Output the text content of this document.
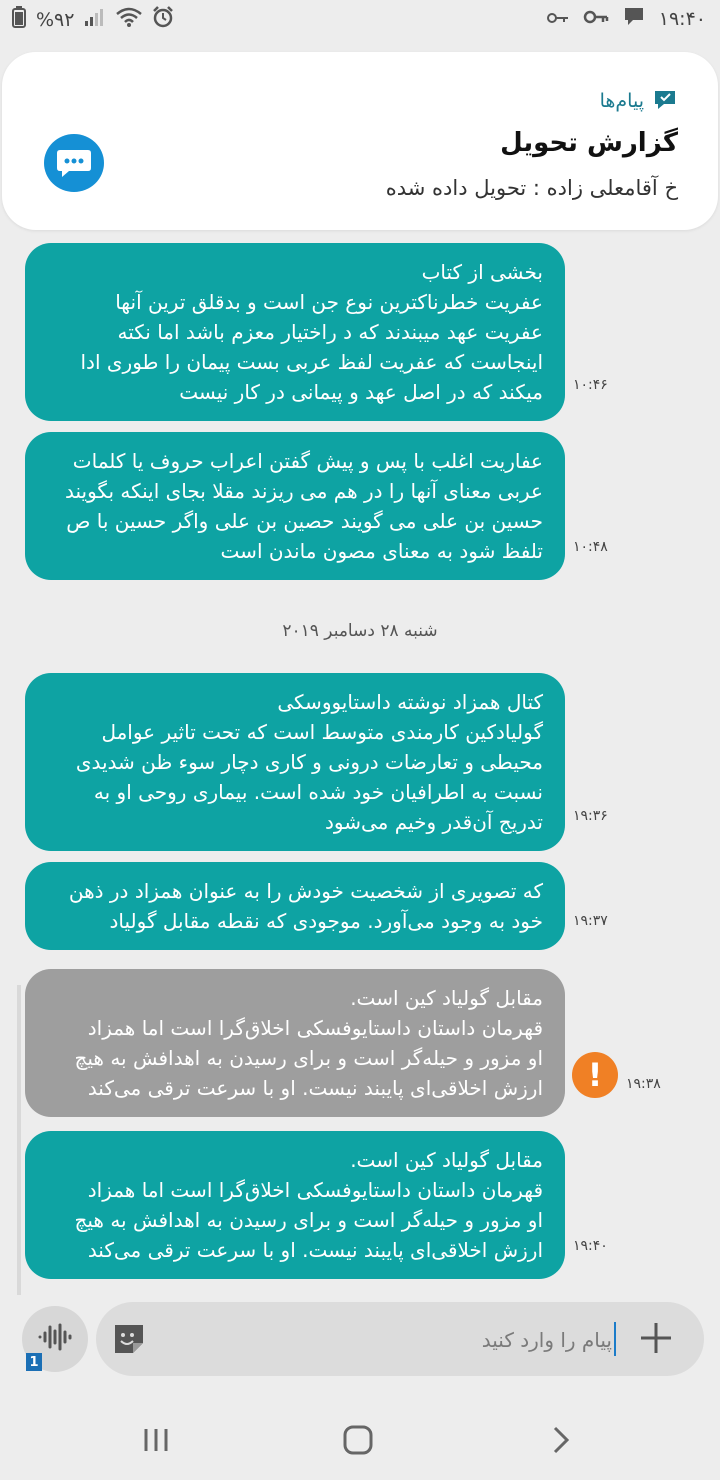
%۹۲	۱۹:۴۰
پیام‌ها
گزارش تحویل
خ آقامعلی زاده : تحویل داده شده
بخشی از کتاب
عفریت خطرناکترین نوع جن است و بدقلق ترین آنها
عفریت عهد میبندند که د راختیار معزم باشد اما نکته
اینجاست که عفریت لفظ عربی بست پیمان را طوری ادا
میکند که در اصل عهد و پیمانی در کار نیست	۱۰:۴۶
عفاریت اغلب با پس و پیش گفتن اعراب حروف یا کلمات
عربی معنای آنها را در هم می ریزند مقلا بجای اینکه بگویند
حسین بن علی می گویند حصین بن علی واگر حسین با ص
تلفظ شود به معنای مصون ماندن است	۱۰:۴۸
شنبه ۲۸ دسامبر ۲۰۱۹
کتال همزاد نوشته داستایووسکی
گولیادکین کارمندی متوسط است که تحت تاثیر عوامل
محیطی و تعارضات درونی و کاری دچار سوء ظن شدیدی
نسبت به اطرافیان خود شده است. بیماری روحی او به
تدریج آن‌قدر وخیم می‌شود	۱۹:۳۶
که تصویری از شخصیت خودش را به عنوان همزاد در ذهن
خود به وجود می‌آورد. موجودی که نقطه مقابل گولیاد	۱۹:۳۷
مقابل گولیاد کین است.
قهرمان داستان داستایوفسکی اخلاق‌گرا است اما همزاد
او مزور و حیله‌گر است و برای رسیدن به اهدافش به هیچ
ارزش اخلاقی‌ای پایبند نیست. او با سرعت ترقی می‌کند	!	۱۹:۳۸
مقابل گولیاد کین است.
قهرمان داستان داستایوفسکی اخلاق‌گرا است اما همزاد
او مزور و حیله‌گر است و برای رسیدن به اهدافش به هیچ
ارزش اخلاقی‌ای پایبند نیست. او با سرعت ترقی می‌کند	۱۹:۴۰
1
پیام را وارد کنید
